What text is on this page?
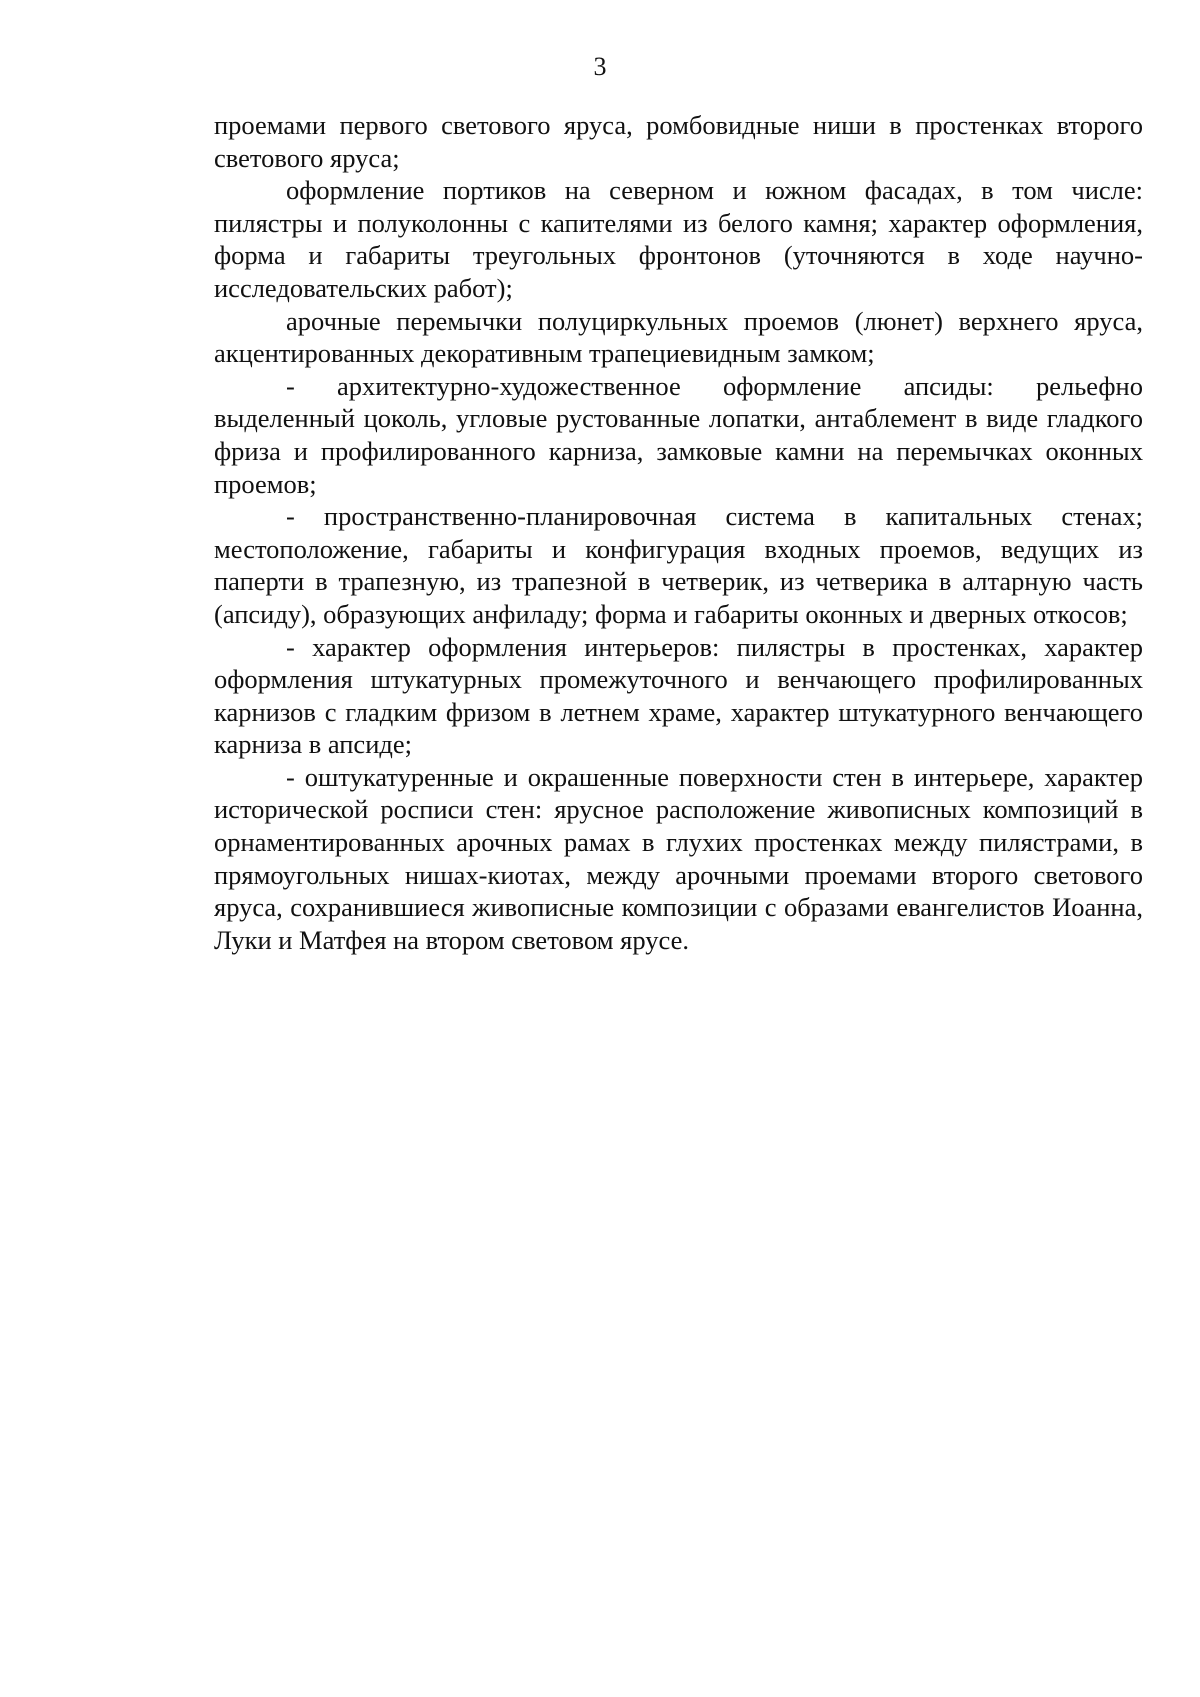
3

проемами первого светового яруса, ромбовидные ниши в простенках второго светового яруса;

оформление портиков на северном и южном фасадах, в том числе: пилястры и полуколонны с капителями из белого камня; характер оформления, форма и габариты треугольных фронтонов (уточняются в ходе научно-исследовательских работ);

арочные перемычки полуциркульных проемов (люнет) верхнего яруса, акцентированных декоративным трапециевидным замком;

- архитектурно-художественное оформление апсиды: рельефно выделенный цоколь, угловые рустованные лопатки, антаблемент в виде гладкого фриза и профилированного карниза, замковые камни на перемычках оконных проемов;

- пространственно-планировочная система в капитальных стенах; местоположение, габариты и конфигурация входных проемов, ведущих из паперти в трапезную, из трапезной в четверик, из четверика в алтарную часть (апсиду), образующих анфиладу; форма и габариты оконных и дверных откосов;

- характер оформления интерьеров: пилястры в простенках, характер оформления штукатурных промежуточного и венчающего профилированных карнизов с гладким фризом в летнем храме, характер штукатурного венчающего карниза в апсиде;

- оштукатуренные и окрашенные поверхности стен в интерьере, характер исторической росписи стен: ярусное расположение живописных композиций в орнаментированных арочных рамах в глухих простенках между пилястрами, в прямоугольных нишах-киотах, между арочными проемами второго светового яруса, сохранившиеся живописные композиции с образами евангелистов Иоанна, Луки и Матфея на втором световом ярусе.
